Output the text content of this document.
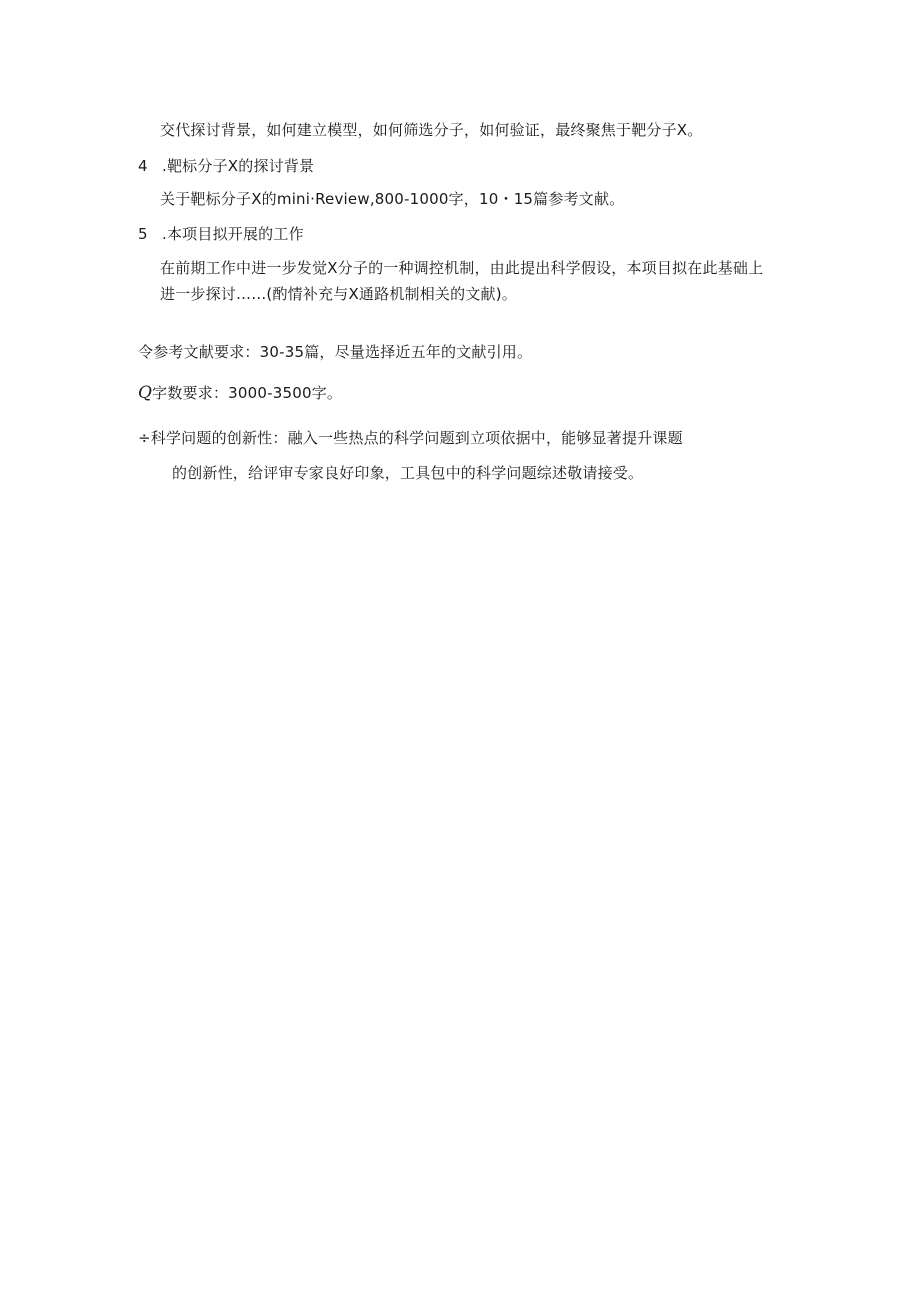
交代探讨背景，如何建立模型，如何筛选分子，如何验证，最终聚焦于靶分子X。
4 .靶标分子X的探讨背景
关于靶标分子X的mini·Review,800-1000字，10・15篇参考文献。
5 .本项目拟开展的工作
在前期工作中进一步发觉X分子的一种调控机制，由此提出科学假设，本项目拟在此基础上
进一步探讨……(酌情补充与X通路机制相关的文献)。
令参考文献要求：30-35篇，尽量选择近五年的文献引用。
Q字数要求：3000-3500字。
÷科学问题的创新性：融入一些热点的科学问题到立项依据中，能够显著提升课题
的创新性，给评审专家良好印象，工具包中的科学问题综述敬请接受。
